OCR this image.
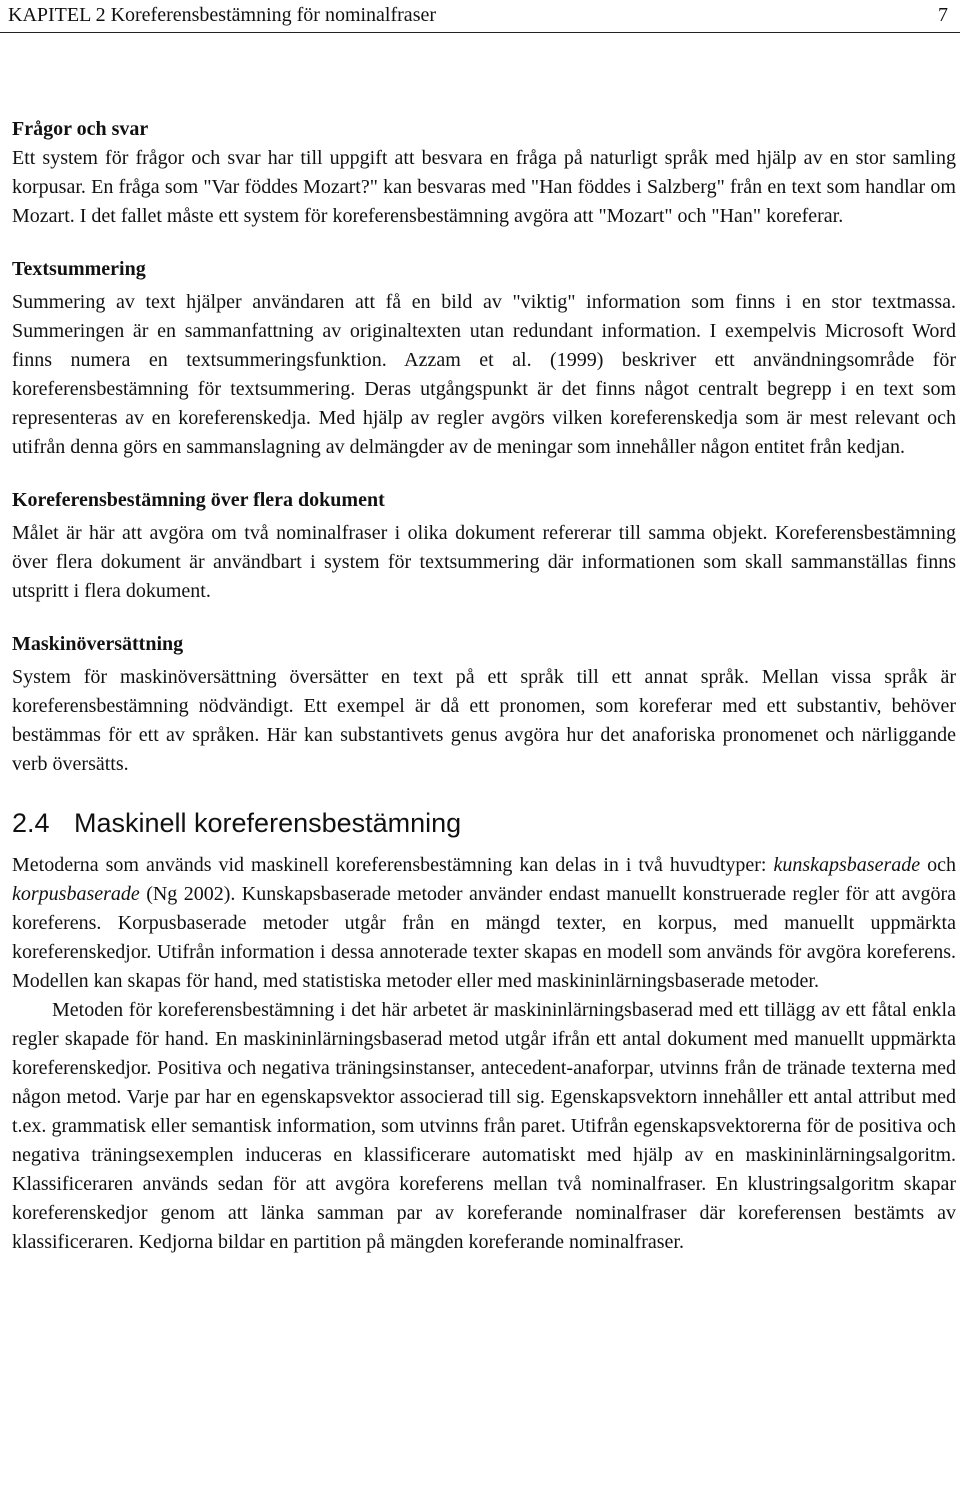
KAPITEL 2 Koreferensbestämning för nominalfraser	7
Frågor och svar

Ett system för frågor och svar har till uppgift att besvara en fråga på naturligt språk med hjälp av en stor samling korpusar. En fråga som "Var föddes Mozart?" kan besvaras med "Han föddes i Salzberg" från en text som handlar om Mozart. I det fallet måste ett system för koreferensbestämning avgöra att "Mozart" och "Han" koreferar.

Textsummering

Summering av text hjälper användaren att få en bild av "viktig" information som finns i en stor textmassa. Summeringen är en sammanfattning av originaltexten utan redundant information. I exempelvis Microsoft Word finns numera en textsummeringsfunktion. Azzam et al. (1999) beskriver ett användningsområde för koreferensbestämning för textsummering. Deras utgångspunkt är det finns något centralt begrepp i en text som representeras av en koreferenskedja. Med hjälp av regler avgörs vilken koreferenskedja som är mest relevant och utifrån denna görs en sammanslagning av delmängder av de meningar som innehåller någon entitet från kedjan.

Koreferensbestämning över flera dokument

Målet är här att avgöra om två nominalfraser i olika dokument refererar till samma objekt. Koreferensbestämning över flera dokument är användbart i system för textsummering där informationen som skall sammanställas finns utspritt i flera dokument.

Maskinöversättning

System för maskinöversättning översätter en text på ett språk till ett annat språk. Mellan vissa språk är koreferensbestämning nödvändigt. Ett exempel är då ett pronomen, som koreferar med ett substantiv, behöver bestämmas för ett av språken. Här kan substantivets genus avgöra hur det anaforiska pronomenet och närliggande verb översätts.

2.4 Maskinell koreferensbestämning

Metoderna som används vid maskinell koreferensbestämning kan delas in i två huvudtyper: kunskapsbaserade och korpusbaserade (Ng 2002). Kunskapsbaserade metoder använder endast manuellt konstruerade regler för att avgöra koreferens. Korpusbaserade metoder utgår från en mängd texter, en korpus, med manuellt uppmärkta koreferenskedjor. Utifrån information i dessa annoterade texter skapas en modell som används för avgöra koreferens. Modellen kan skapas för hand, med statistiska metoder eller med maskininlärningsbaserade metoder.

Metoden för koreferensbestämning i det här arbetet är maskininlärningsbaserad med ett tillägg av ett fåtal enkla regler skapade för hand. En maskininlärningsbaserad metod utgår ifrån ett antal dokument med manuellt uppmärkta koreferenskedjor. Positiva och negativa träningsinstanser, antecedent-anaforpar, utvinns från de tränade texterna med någon metod. Varje par har en egenskapsvektor associerad till sig. Egenskapsvektorn innehåller ett antal attribut med t.ex. grammatisk eller semantisk information, som utvinns från paret. Utifrån egenskapsvektorerna för de positiva och negativa träningsexemplen induceras en klassificerare automatiskt med hjälp av en maskininlärningsalgoritm. Klassificeraren används sedan för att avgöra koreferens mellan två nominalfraser. En klustringsalgoritm skapar koreferenskedjor genom att länka samman par av koreferande nominalfraser där koreferensen bestämts av klassificeraren. Kedjorna bildar en partition på mängden koreferande nominalfraser.
